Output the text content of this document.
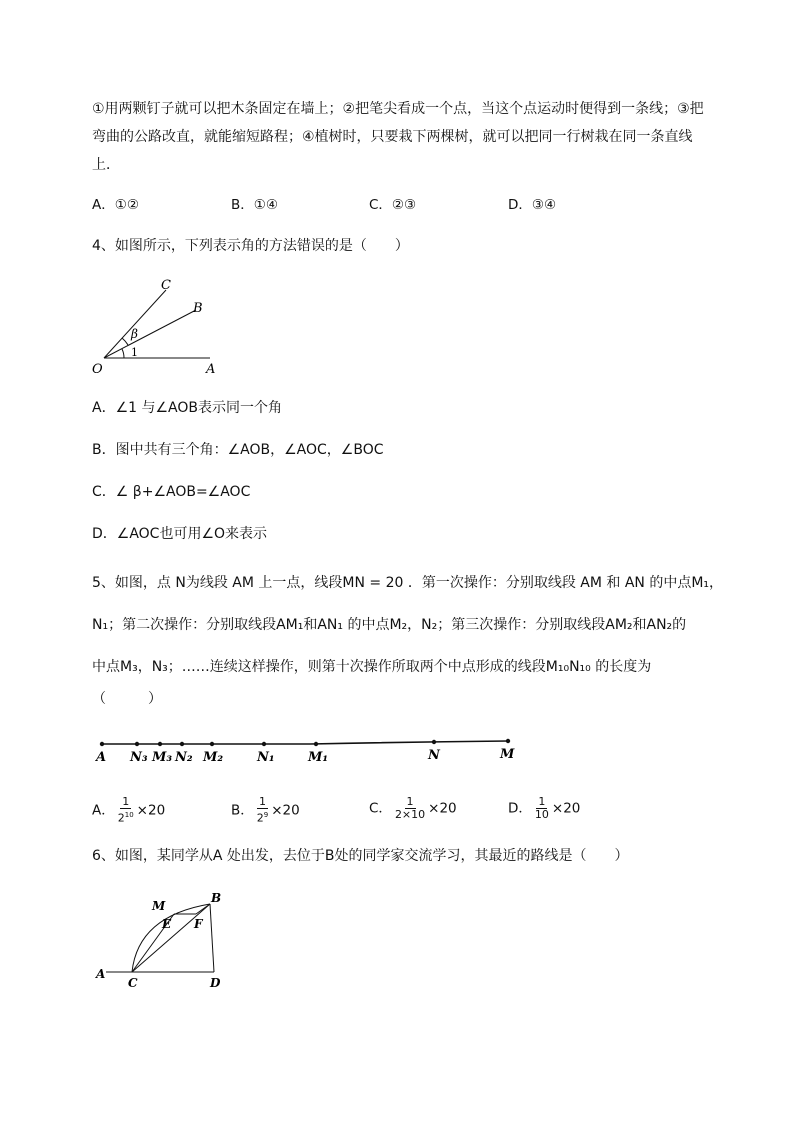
①用两颗钉子就可以把木条固定在墙上；②把笔尖看成一个点，当这个点运动时便得到一条线；③把
弯曲的公路改直，就能缩短路程；④植树时，只要栽下两棵树，就可以把同一行树栽在同一条直线
上．
A．①②	B．①④	C．②③	D．③④
4、如图所示，下列表示角的方法错误的是（　　）
C
B
β
1
O	A
A．∠1 与∠AOB表示同一个角
B．图中共有三个角：∠AOB，∠AOC，∠BOC
C．∠ β+∠AOB=∠AOC
D．∠AOC也可用∠O来表示
5、如图，点 N为线段 AM 上一点，线段MN = 20 ．第一次操作：分别取线段 AM 和 AN 的中点M₁，
N₁；第二次操作：分别取线段AM₁和AN₁ 的中点M₂，N₂；第三次操作：分别取线段AM₂和AN₂的
中点M₃，N₃；……连续这样操作，则第十次操作所取两个中点形成的线段M₁₀N₁₀ 的长度为
（　　　）
A N₃ M₃ N₂ M₂	N₁	M₁	N	M
A． $\frac{1}{2^{10}} \times 20$	B． $\frac{1}{2^9} \times 20$	C． $\frac{1}{2\times 10} \times 20$	D． $\frac{1}{10} \times 20$
6、如图，某同学从A 处出发，去位于B处的同学家交流学习，其最近的路线是（　　）
M
B
E F
A
C	D
